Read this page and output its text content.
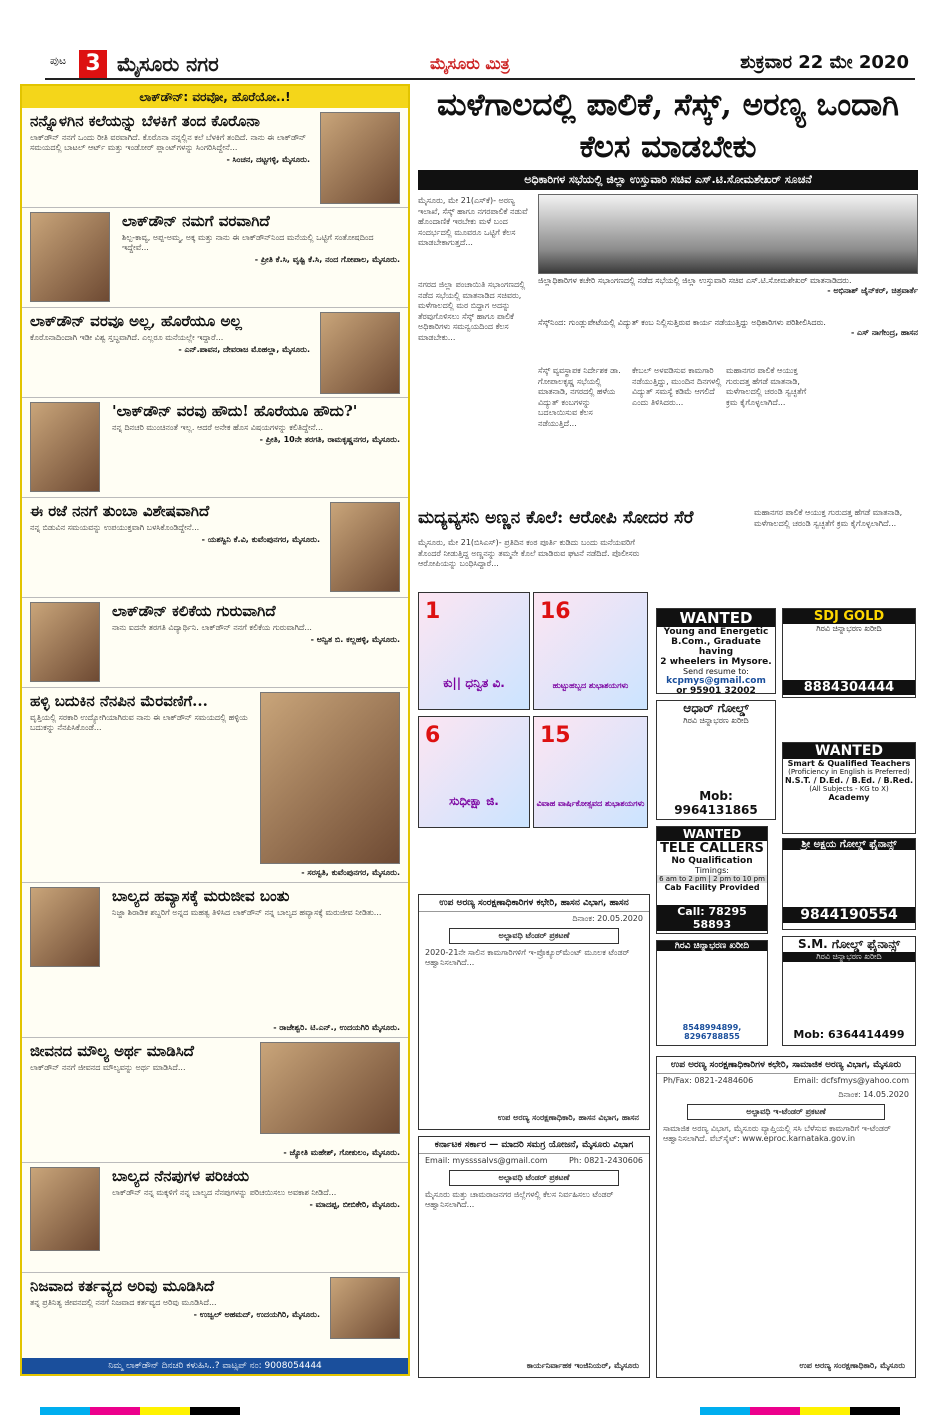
ಪುಟ 3 ಮೈಸೂರು ನಗರ	ಮೈಸೂರು ಮಿತ್ರ	ಶುಕ್ರವಾರ 22 ಮೇ 2020
ಲಾಕ್‌ಡೌನ್: ವರವೋ, ಹೊರೆಯೋ..!
ನನ್ನೊಳಗಿನ ಕಲೆಯನ್ನು ಬೆಳಕಿಗೆ ತಂದ ಕೊರೊನಾ

ಲಾಕ್‌ಡೌನ್ ನನಗೆ ಒಂದು ರೀತಿ ವರವಾಗಿದೆ. ಕೊರೊನಾ ನನ್ನಲ್ಲಿನ ಕಲೆ ಬೆಳಕಿಗೆ ತಂದಿದೆ. ನಾನು ಈ ಲಾಕ್‌ಡೌನ್ ಸಮಯದಲ್ಲಿ ಬಾಟಲ್ ಆರ್ಟ್ ಮತ್ತು ಇಂಡೋರ್ ಪ್ಲಾಂಟ್‌ಗಳನ್ನು ಸಿಂಗರಿಸಿದ್ದೇನೆ...

- ಸಿಂಚನ, ದಟ್ಟಗಳ್ಳಿ, ಮೈಸೂರು.
ಲಾಕ್‌ಡೌನ್ ನಮಗೆ ವರವಾಗಿದೆ

ಶಿಲ್ಪ-ಕಾವ್ಯ, ಅಪ್ಪ-ಅಮ್ಮ, ಅಕ್ಕ ಮತ್ತು ನಾನು ಈ ಲಾಕ್‌ಡೌನ್‌ನಿಂದ ಮನೆಯಲ್ಲಿ ಒಟ್ಟಿಗೆ ಸಂತೋಷದಿಂದ ಇದ್ದೇವೆ...

- ಪ್ರೀತಿ ಕೆ.ಸಿ, ವೃಷ್ಟಿ ಕೆ.ಸಿ, ನಂದ ಗೋಪಾಲ, ಮೈಸೂರು.
ಲಾಕ್‌ಡೌನ್ ವರವೂ ಅಲ್ಲ, ಹೊರೆಯೂ ಅಲ್ಲ

ಕೊರೊನಾದಿಂದಾಗಿ ಇಡೀ ವಿಶ್ವ ಸ್ತಬ್ಧವಾಗಿದೆ. ಎಲ್ಲರೂ ಮನೆಯಲ್ಲೇ ಇದ್ದಾರೆ...

- ಎನ್.ಪಾವನ, ದೇವರಾಜ ಮೊಹಲ್ಲಾ, ಮೈಸೂರು.
'ಲಾಕ್‌ಡೌನ್ ವರವು ಹೌದು! ಹೊರೆಯೂ ಹೌದು?'

ನನ್ನ ದಿನಚರಿ ಮುಂಚಿನಂತೆ ಇಲ್ಲ. ಆದರೆ ಅನೇಕ ಹೊಸ ವಿಷಯಗಳನ್ನು ಕಲಿತಿದ್ದೇನೆ...

- ಪ್ರೀತಿ, 10ನೇ ತರಗತಿ, ರಾಮಕೃಷ್ಣನಗರ, ಮೈಸೂರು.
ಈ ರಜೆ ನನಗೆ ತುಂಬಾ ವಿಶೇಷವಾಗಿದೆ

ನನ್ನ ಬಿಡುವಿನ ಸಮಯವನ್ನು ಉಪಯುಕ್ತವಾಗಿ ಬಳಸಿಕೊಂಡಿದ್ದೇನೆ...

- ಯಶಸ್ವಿನಿ ಕೆ.ವಿ, ಕುವೆಂಪುನಗರ, ಮೈಸೂರು.
ಲಾಕ್‌ಡೌನ್ ಕಲಿಕೆಯ ಗುರುವಾಗಿದೆ

ನಾನು ಐದನೇ ತರಗತಿ ವಿದ್ಯಾರ್ಥಿನಿ. ಲಾಕ್‌ಡೌನ್ ನನಗೆ ಕಲಿಕೆಯ ಗುರುವಾಗಿದೆ...

- ಅನ್ವಿತ ಬಿ. ಕಲ್ಲಹಳ್ಳಿ, ಮೈಸೂರು.
ಹಳ್ಳಿ ಬದುಕಿನ ನೆನಪಿನ ಮೆರವಣಿಗೆ...

ವೃತ್ತಿಯಲ್ಲಿ ಸರಕಾರಿ ಉದ್ಯೋಗಿಯಾಗಿರುವ ನಾನು ಈ ಲಾಕ್‌ಡೌನ್ ಸಮಯದಲ್ಲಿ ಹಳ್ಳಿಯ ಬದುಕನ್ನು ನೆನಪಿಸಿಕೊಂಡೆ...

- ಸರಸ್ವತಿ, ಕುವೆಂಪುನಗರ, ಮೈಸೂರು.
ಬಾಲ್ಯದ ಹವ್ಯಾಸಕ್ಕೆ ಮರುಜೀವ ಬಂತು

ನಿಜ್ಜಾ ಶಿರಾಡಿಕ ಶಬ್ದರಿಗೆ ಅನ್ನದ ಮಹತ್ವ ತಿಳಿಸಿದ ಲಾಕ್‌ಡೌನ್ ನನ್ನ ಬಾಲ್ಯದ ಹವ್ಯಾಸಕ್ಕೆ ಮರುಜೀವ ನೀಡಿತು...

- ರಾಜೇಶ್ವರಿ. ಟಿ.ಎನ್., ಉದಯಗಿರಿ ಮೈಸೂರು.
ಜೀವನದ ಮೌಲ್ಯ ಅರ್ಥ ಮಾಡಿಸಿದೆ

ಲಾಕ್‌ಡೌನ್ ನನಗೆ ಜೀವನದ ಮೌಲ್ಯವನ್ನು ಅರ್ಥ ಮಾಡಿಸಿದೆ...

- ಜ್ಯೋತಿ ಮಹೇಶ್, ಗೋಕುಲಂ, ಮೈಸೂರು.
ಬಾಲ್ಯದ ನೆನಪುಗಳ ಪರಿಚಯ

ಲಾಕ್‌ಡೌನ್ ನನ್ನ ಮಕ್ಕಳಿಗೆ ನನ್ನ ಬಾಲ್ಯದ ನೆನಪುಗಳನ್ನು ಪರಿಚಯಿಸಲು ಅವಕಾಶ ನೀಡಿದೆ...

- ಮಾದಪ್ಪ, ಬೀಬಿಕೇರಿ, ಮೈಸೂರು.
ನಿಜವಾದ ಕರ್ತವ್ಯದ ಅರಿವು ಮೂಡಿಸಿದೆ

ತನ್ನ ಪ್ರತಿನಿತ್ಯ ಜೀವನದಲ್ಲಿ ನನಗೆ ನಿಜವಾದ ಕರ್ತವ್ಯದ ಅರಿವು ಮೂಡಿಸಿದೆ...

- ಉಜ್ವಲ್ ಅಹಮದ್, ಉದಯಗಿರಿ, ಮೈಸೂರು.
ನಿಮ್ಮ ಲಾಕ್‌ಡೌನ್ ದಿನಚರಿ ಕಳುಹಿಸಿ..? ವಾಟ್ಸಪ್ ನಂ: 9008054444
ಮಳೆಗಾಲದಲ್ಲಿ ಪಾಲಿಕೆ, ಸೆಸ್ಕ್, ಅರಣ್ಯ ಒಂದಾಗಿ ಕೆಲಸ ಮಾಡಬೇಕು
ಅಧಿಕಾರಿಗಳ ಸಭೆಯಲ್ಲಿ ಜಿಲ್ಲಾ ಉಸ್ತುವಾರಿ ಸಚಿವ ಎಸ್.ಟಿ.ಸೋಮಶೇಖರ್ ಸೂಚನೆ
ಮೈಸೂರು, ಮೇ 21(ಎಸ್‌ಕೆ)- ಅರಣ್ಯ ಇಲಾಖೆ, ಸೆಸ್ಕ್ ಹಾಗೂ ನಗರಪಾಲಿಕೆ ನಡುವೆ ಹೊಂದಾಣಿಕೆ ಇರಬೇಕು ಮಳೆ ಬಂದ ಸಂದರ್ಭದಲ್ಲಿ ಮೂವರೂ ಒಟ್ಟಿಗೆ ಕೆಲಸ ಮಾಡಬೇಕಾಗುತ್ತದೆ...
ಜಿಲ್ಲಾಧಿಕಾರಿಗಳ ಕಚೇರಿ ಸಭಾಂಗಣದಲ್ಲಿ ನಡೆದ ಸಭೆಯಲ್ಲಿ ಜಿಲ್ಲಾ ಉಸ್ತುವಾರಿ ಸಚಿವ ಎಸ್.ಟಿ.ಸೋಮಶೇಖರ್ ಮಾತನಾಡಿದರು.
- ಅಭಿನಾಶ್ ಜೈನ್‌ಕರ್, ಚಿತ್ರವಾರ್ತೆ
ನಗರದ ಜಿಲ್ಲಾ ಪಂಚಾಯಿತಿ ಸಭಾಂಗಣದಲ್ಲಿ ನಡೆದ ಸಭೆಯಲ್ಲಿ ಮಾತನಾಡಿದ ಸಚಿವರು, ಮಳೆಗಾಲದಲ್ಲಿ ಮರ ಬಿದ್ದಾಗ ಅದನ್ನು ತೆರವುಗೊಳಿಸಲು ಸೆಸ್ಕ್ ಹಾಗೂ ಪಾಲಿಕೆ ಅಧಿಕಾರಿಗಳು ಸಮನ್ವಯದಿಂದ ಕೆಲಸ ಮಾಡಬೇಕು...
ಸೆಸ್ಕ್‌ನಿಂದ: ಗುಂಡ್ಲುಪೇಟೆಯಲ್ಲಿ ವಿದ್ಯುತ್ ಕಂಬ ನಿಲ್ಲಿಸುತ್ತಿರುವ ಕಾರ್ಯ ನಡೆಯುತ್ತಿದ್ದು ಅಧಿಕಾರಿಗಳು ಪರಿಶೀಲಿಸಿದರು.
- ಎಸ್ ನಾಗೇಂದ್ರ, ಹಾಸನ
ಸೆಸ್ಕ್ ವ್ಯವಸ್ಥಾಪಕ ನಿರ್ದೇಶಕ ಡಾ. ಗೋಪಾಲಕೃಷ್ಣ ಸಭೆಯಲ್ಲಿ ಮಾತನಾಡಿ, ನಗರದಲ್ಲಿ ಹಳೆಯ ವಿದ್ಯುತ್ ಕಂಬಗಳನ್ನು ಬದಲಾಯಿಸುವ ಕೆಲಸ ನಡೆಯುತ್ತಿದೆ...
ಕೇಬಲ್ ಅಳವಡಿಸುವ ಕಾಮಗಾರಿ ನಡೆಯುತ್ತಿದ್ದು, ಮುಂದಿನ ದಿನಗಳಲ್ಲಿ ವಿದ್ಯುತ್ ಸಮಸ್ಯೆ ಕಡಿಮೆ ಆಗಲಿದೆ ಎಂದು ತಿಳಿಸಿದರು...
ಮಹಾನಗರ ಪಾಲಿಕೆ ಆಯುಕ್ತ ಗುರುದತ್ತ ಹೆಗಡೆ ಮಾತನಾಡಿ, ಮಳೆಗಾಲದಲ್ಲಿ ಚರಂಡಿ ಸ್ವಚ್ಛತೆಗೆ ಕ್ರಮ ಕೈಗೊಳ್ಳಲಾಗಿದೆ...
ಮದ್ಯವ್ಯಸನಿ ಅಣ್ಣನ ಕೊಲೆ: ಆರೋಪಿ ಸೋದರ ಸೆರೆ
ಮೈಸೂರು, ಮೇ 21(ಬಿಸಿಎಸ್)- ಪ್ರತಿದಿನ ಕಂಠ ಪೂರ್ತಿ ಕುಡಿದು ಬಂದು ಮನೆಯವರಿಗೆ ತೊಂದರೆ ನೀಡುತ್ತಿದ್ದ ಅಣ್ಣನನ್ನು ತಮ್ಮನೇ ಕೊಲೆ ಮಾಡಿರುವ ಘಟನೆ ನಡೆದಿದೆ. ಪೊಲೀಸರು ಆರೋಪಿಯನ್ನು ಬಂಧಿಸಿದ್ದಾರೆ...
ಮಹಾನಗರ ಪಾಲಿಕೆ ಆಯುಕ್ತ ಗುರುದತ್ತ ಹೆಗಡೆ ಮಾತನಾಡಿ, ಮಳೆಗಾಲದಲ್ಲಿ ಚರಂಡಿ ಸ್ವಚ್ಛತೆಗೆ ಕ್ರಮ ಕೈಗೊಳ್ಳಲಾಗಿದೆ...
1
ಕು|| ಧನ್ವಿತ ವಿ.
16
ಹುಟ್ಟುಹಬ್ಬದ ಶುಭಾಶಯಗಳು
6
ಸುಧೀಕ್ಷಾ ಜಿ.
15
ವಿವಾಹ ವಾರ್ಷಿಕೋತ್ಸವದ ಶುಭಾಶಯಗಳು
WANTED
Young and Energetic
B.Com., Graduate having
2 wheelers in Mysore.
Send resume to:
kcpmys@gmail.com
or 95901 32002
SDJ GOLD
ಗಿರವಿ ಚಿನ್ನಾಭರಣ ಖರೀದಿ
8884304444
ಆಧಾರ್ ಗೋಲ್ಡ್
ಗಿರವಿ ಚಿನ್ನಾಭರಣ ಖರೀದಿ
Mob: 9964131865
WANTED
Smart & Qualified Teachers
(Proficiency in English is Preferred)
N.S.T. / D.Ed. / B.Ed. / B.Red.
(All Subjects - KG to X)
Academy
WANTED
TELE CALLERS
No Qualification
Timings:
6 am to 2 pm | 2 pm to 10 pm
Cab Facility Provided
Call: 78295 58893
ಶ್ರೀ ಅಕ್ಷಯ ಗೋಲ್ಡ್ ಫೈನಾನ್ಸ್
9844190554
ಗಿರವಿ ಚಿನ್ನಾಭರಣ ಖರೀದಿ
8548994899, 8296788855
S.M. ಗೋಲ್ಡ್ ಫೈನಾನ್ಸ್
ಗಿರವಿ ಚಿನ್ನಾಭರಣ ಖರೀದಿ
Mob: 6364414499
ಉಪ ಅರಣ್ಯ ಸಂರಕ್ಷಣಾಧಿಕಾರಿಗಳ ಕಛೇರಿ, ಹಾಸನ ವಿಭಾಗ, ಹಾಸನ
ದಿನಾಂಕ: 20.05.2020
ಅಲ್ಪಾವಧಿ ಟೆಂಡರ್ ಪ್ರಕಟಣೆ
2020-21ನೇ ಸಾಲಿನ ಕಾಮಗಾರಿಗಳಿಗೆ ಇ-ಪ್ರೊಕ್ಯೂರ್‌ಮೆಂಟ್ ಮೂಲಕ ಟೆಂಡರ್ ಆಹ್ವಾನಿಸಲಾಗಿದೆ...
ಉಪ ಅರಣ್ಯ ಸಂರಕ್ಷಣಾಧಿಕಾರಿ, ಹಾಸನ ವಿಭಾಗ, ಹಾಸನ
ಕರ್ನಾಟಕ ಸರ್ಕಾರ — ಮಾದರಿ ಸಮಗ್ರ ಯೋಜನೆ, ಮೈಸೂರು ವಿಭಾಗ
Email: myssssalvs@gmail.com	Ph: 0821-2430606
ಅಲ್ಪಾವಧಿ ಟೆಂಡರ್ ಪ್ರಕಟಣೆ
ಮೈಸೂರು ಮತ್ತು ಚಾಮರಾಜನಗರ ಜಿಲ್ಲೆಗಳಲ್ಲಿ ಕೆಲಸ ನಿರ್ವಹಿಸಲು ಟೆಂಡರ್ ಆಹ್ವಾನಿಸಲಾಗಿದೆ...
ಕಾರ್ಯನಿರ್ವಾಹಕ ಇಂಜಿನಿಯರ್, ಮೈಸೂರು
ಉಪ ಅರಣ್ಯ ಸಂರಕ್ಷಣಾಧಿಕಾರಿಗಳ ಕಛೇರಿ, ಸಾಮಾಜಿಕ ಅರಣ್ಯ ವಿಭಾಗ, ಮೈಸೂರು
Ph/Fax: 0821-2484606	Email: dcfsfmys@yahoo.com
ದಿನಾಂಕ: 14.05.2020
ಅಲ್ಪಾವಧಿ ಇ-ಟೆಂಡರ್ ಪ್ರಕಟಣೆ
ಸಾಮಾಜಿಕ ಅರಣ್ಯ ವಿಭಾಗ, ಮೈಸೂರು ವ್ಯಾಪ್ತಿಯಲ್ಲಿ ಸಸಿ ಬೆಳೆಸುವ ಕಾಮಗಾರಿಗೆ ಇ-ಟೆಂಡರ್ ಆಹ್ವಾನಿಸಲಾಗಿದೆ. ವೆಬ್‌ಸೈಟ್: www.eproc.karnataka.gov.in
ಉಪ ಅರಣ್ಯ ಸಂರಕ್ಷಣಾಧಿಕಾರಿ, ಮೈಸೂರು
